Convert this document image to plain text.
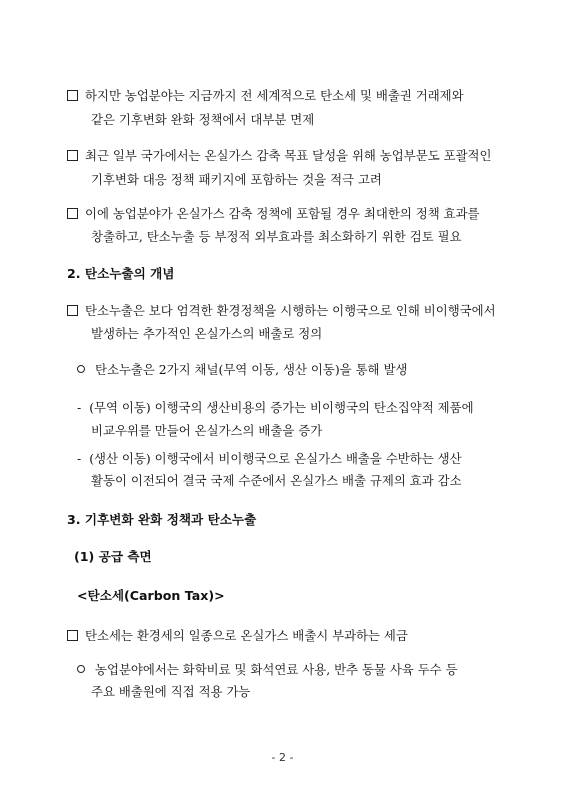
하지만 농업분야는 지금까지 전 세계적으로 탄소세 및 배출권 거래제와
같은 기후변화 완화 정책에서 대부분 면제
최근 일부 국가에서는 온실가스 감축 목표 달성을 위해 농업부문도 포괄적인
기후변화 대응 정책 패키지에 포함하는 것을 적극 고려
이에 농업분야가 온실가스 감축 정책에 포함될 경우 최대한의 정책 효과를
창출하고, 탄소누출 등 부정적 외부효과를 최소화하기 위한 검토 필요
2. 탄소누출의 개념
탄소누출은 보다 엄격한 환경정책을 시행하는 이행국으로 인해 비이행국에서
발생하는 추가적인 온실가스의 배출로 정의
탄소누출은 2가지 채널(무역 이동, 생산 이동)을 통해 발생
- (무역 이동) 이행국의 생산비용의 증가는 비이행국의 탄소집약적 제품에
비교우위를 만들어 온실가스의 배출을 증가
- (생산 이동) 이행국에서 비이행국으로 온실가스 배출을 수반하는 생산
활동이 이전되어 결국 국제 수준에서 온실가스 배출 규제의 효과 감소
3. 기후변화 완화 정책과 탄소누출
(1) 공급 측면
<탄소세(Carbon Tax)>
탄소세는 환경세의 일종으로 온실가스 배출시 부과하는 세금
농업분야에서는 화학비료 및 화석연료 사용, 반추 동물 사육 두수 등
주요 배출원에 직접 적용 가능
- 2 -
